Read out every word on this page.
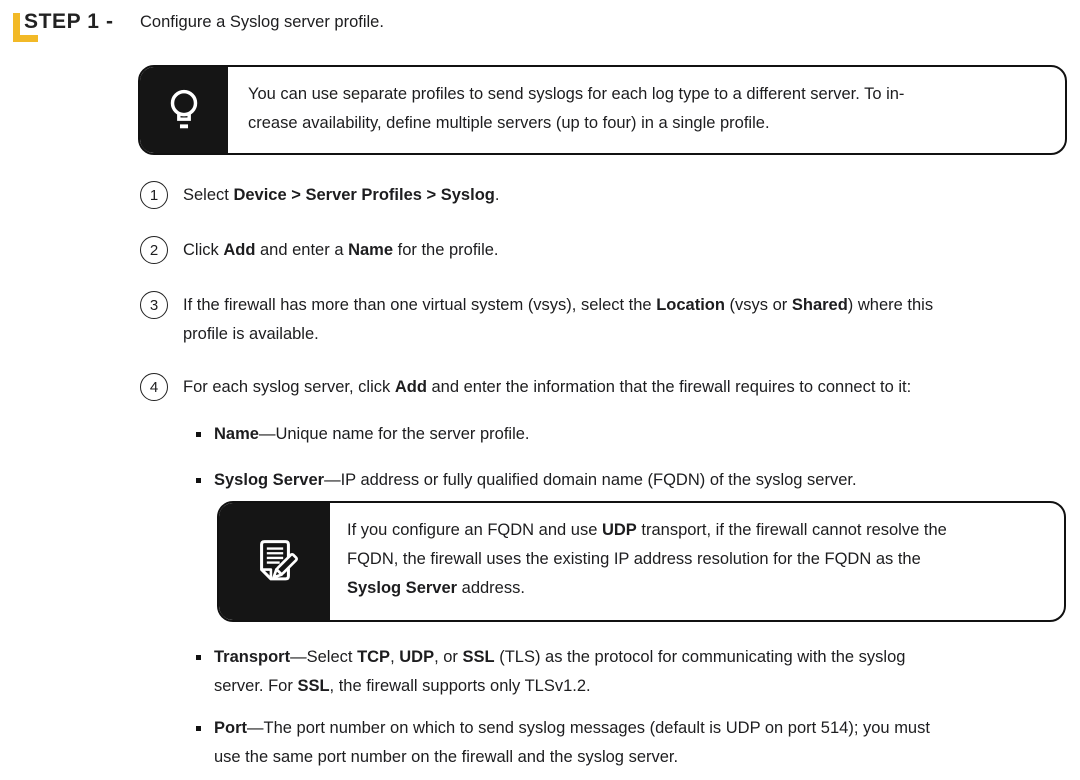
STEP 1 - Configure a Syslog server profile.
You can use separate profiles to send syslogs for each log type to a different server. To in-
crease availability, define multiple servers (up to four) in a single profile.
1	Select Device > Server Profiles > Syslog.
2	Click Add and enter a Name for the profile.
3	If the firewall has more than one virtual system (vsys), select the Location (vsys or Shared) where this
profile is available.
4	For each syslog server, click Add and enter the information that the firewall requires to connect to it:
Name—Unique name for the server profile.
Syslog Server—IP address or fully qualified domain name (FQDN) of the syslog server.
If you configure an FQDN and use UDP transport, if the firewall cannot resolve the
FQDN, the firewall uses the existing IP address resolution for the FQDN as the
Syslog Server address.
Transport—Select TCP, UDP, or SSL (TLS) as the protocol for communicating with the syslog
server. For SSL, the firewall supports only TLSv1.2.
Port—The port number on which to send syslog messages (default is UDP on port 514); you must
use the same port number on the firewall and the syslog server.
